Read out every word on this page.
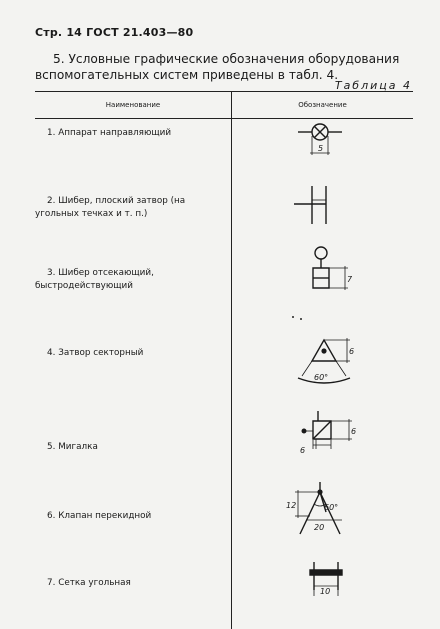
Стр. 14 ГОСТ 21.403—80
5. Условные графические обозначения оборудования вспомогательных систем приведены в табл. 4.
Таблица 4
Наименование	Обозначение
1. Аппарат направляющий
2. Шибер, плоский затвор (на угольных течках и т. п.)
3. Шибер отсекающий, быстродействующий
4. Затвор секторный
5. Мигалка
6. Клапан перекидной
7. Сетка угольная
5
7
6
60°
6
6
12	60°
20
10
